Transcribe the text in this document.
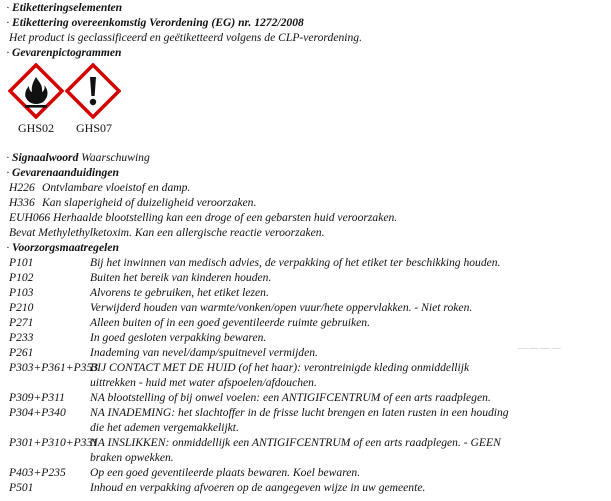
· Etiketteringselementen
· Etikettering overeenkomstig Verordening (EG) nr. 1272/2008
Het product is geclassificeerd en geëtiketteerd volgens de CLP-verordening.
· Gevarenpictogrammen
GHS02	GHS07
· Signaalwoord Waarschuwing
· Gevarenaanduidingen
H226 Ontvlambare vloeistof en damp.
H336 Kan slaperigheid of duizeligheid veroorzaken.
EUH066 Herhaalde blootstelling kan een droge of een gebarsten huid veroorzaken.
Bevat Methylethylketoxim. Kan een allergische reactie veroorzaken.
· Voorzorgsmaatregelen
P101	Bij het inwinnen van medisch advies, de verpakking of het etiket ter beschikking houden.
P102	Buiten het bereik van kinderen houden.
P103	Alvorens te gebruiken, het etiket lezen.
P210	Verwijderd houden van warmte/vonken/open vuur/hete oppervlakken. - Niet roken.
P271	Alleen buiten of in een goed geventileerde ruimte gebruiken.
P233	In goed gesloten verpakking bewaren.
P261	Inademing van nevel/damp/spuitnevel vermijden.	— — — —
P303+P361+P353
BIJ CONTACT MET DE HUID (of het haar): verontreinigde kleding onmiddellijk
uittrekken - huid met water afspoelen/afdouchen.
P309+P311 NA blootstelling of bij onwel voelen: een ANTIGIFCENTRUM of een arts raadplegen.
P304+P340 NA INADEMING: het slachtoffer in de frisse lucht brengen en laten rusten in een houding
die het ademen vergemakkelijkt.
P301+P310+P331
NA INSLIKKEN: onmiddellijk een ANTIGIFCENTRUM of een arts raadplegen. - GEEN
braken opwekken.
P403+P235 Op een goed geventileerde plaats bewaren. Koel bewaren.
P501	Inhoud en verpakking afvoeren op de aangegeven wijze in uw gemeente.
